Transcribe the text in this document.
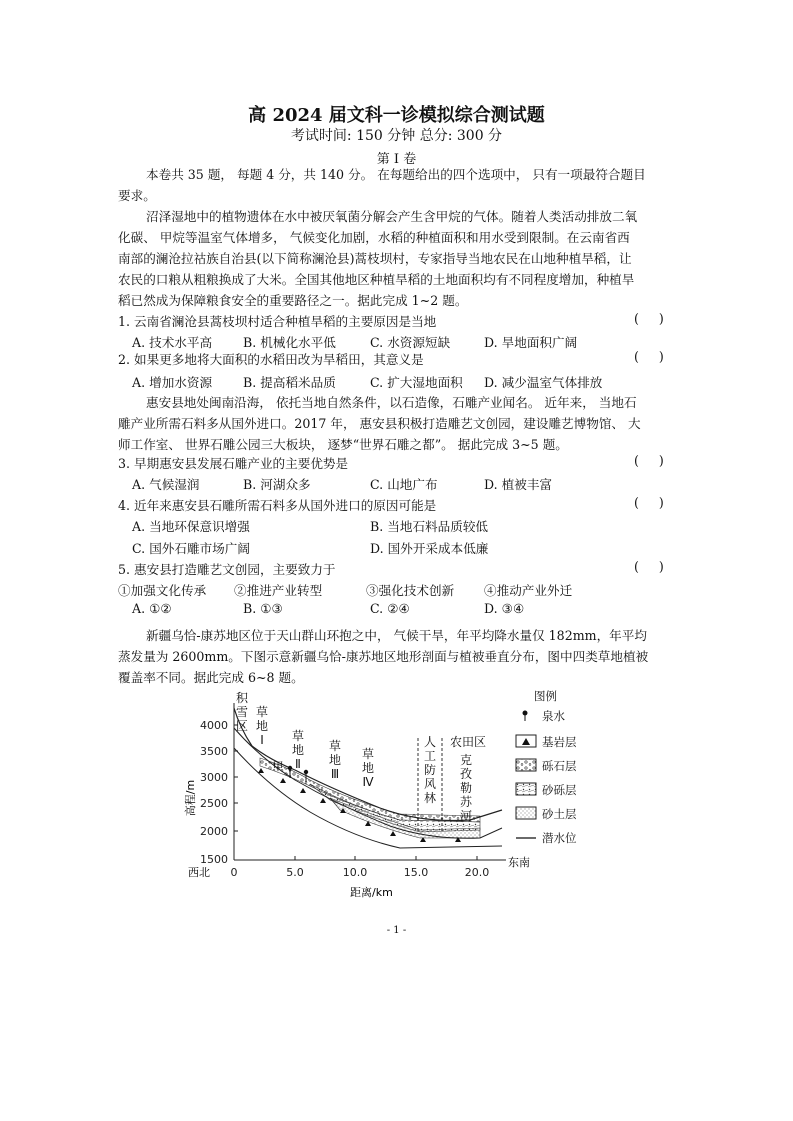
高 2024 届文科一诊模拟综合测试题
考试时间: 150 分钟 总分: 300 分
第 I 卷
本卷共 35 题， 每题 4 分，共 140 分。 在每题给出的四个选项中， 只有一项最符合题目
要求。
沼泽湿地中的植物遗体在水中被厌氧菌分解会产生含甲烷的气体。随着人类活动排放二氧
化碳、 甲烷等温室气体增多， 气候变化加剧，水稻的种植面积和用水受到限制。在云南省西
南部的澜沧拉祜族自治县(以下简称澜沧县)蒿枝坝村，专家指导当地农民在山地种植旱稻，让
农民的口粮从粗粮换成了大米。全国其他地区种植旱稻的土地面积均有不同程度增加，种植旱
稻已然成为保障粮食安全的重要路径之一。据此完成 1~2 题。
1. 云南省澜沧县蒿枝坝村适合种植旱稻的主要原因是当地	(     )
A. 技术水平高 B. 机械化水平低	C. 水资源短缺	D. 旱地面积广阔
2. 如果更多地将大面积的水稻田改为旱稻田，其意义是	(     )
A. 增加水资源 B. 提高稻米品质	C. 扩大湿地面积 D. 减少温室气体排放
惠安县地处闽南沿海， 依托当地自然条件，以石造像，石雕产业闻名。 近年来， 当地石
雕产业所需石料多从国外进口。2017 年， 惠安县积极打造雕艺文创园，建设雕艺博物馆、 大
师工作室、 世界石雕公园三大板块， 逐梦“世界石雕之都”。 据此完成 3~5 题。
3. 早期惠安县发展石雕产业的主要优势是	(     )
A. 气候湿润	B. 河湖众多	C. 山地广布	D. 植被丰富
4. 近年来惠安县石雕所需石料多从国外进口的原因可能是	(     )
A. 当地环保意识增强	B. 当地石料品质较低
C. 国外石雕市场广阔	D. 国外开采成本低廉
5. 惠安县打造雕艺文创园，主要致力于	(     )
①加强文化传承 ②推进产业转型	③强化技术创新 ④推动产业外迁
A. ①②	B. ①③	C. ②④	D. ③④
新疆乌恰-康苏地区位于天山群山环抱之中， 气候干旱，年平均降水量仅 182mm，年平均
蒸发量为 2600mm。下图示意新疆乌恰-康苏地区地形剖面与植被垂直分布，图中四类草地植被
覆盖率不同。据此完成 6~8 题。
4000
3500
3000
2500
2000
1500
0	5.0	10.0	15.0	20.0
西北
东南
距离/km
高程/m
积
雪
区
草
地
Ⅰ 草
地
Ⅱ
甲
草
地
Ⅲ
草
地
Ⅳ
人
工
防
风
林
农田区
克
孜
勒
苏
河
图例
泉水
基岩层
砾石层
砂砾层
砂土层
潜水位
- 1 -
